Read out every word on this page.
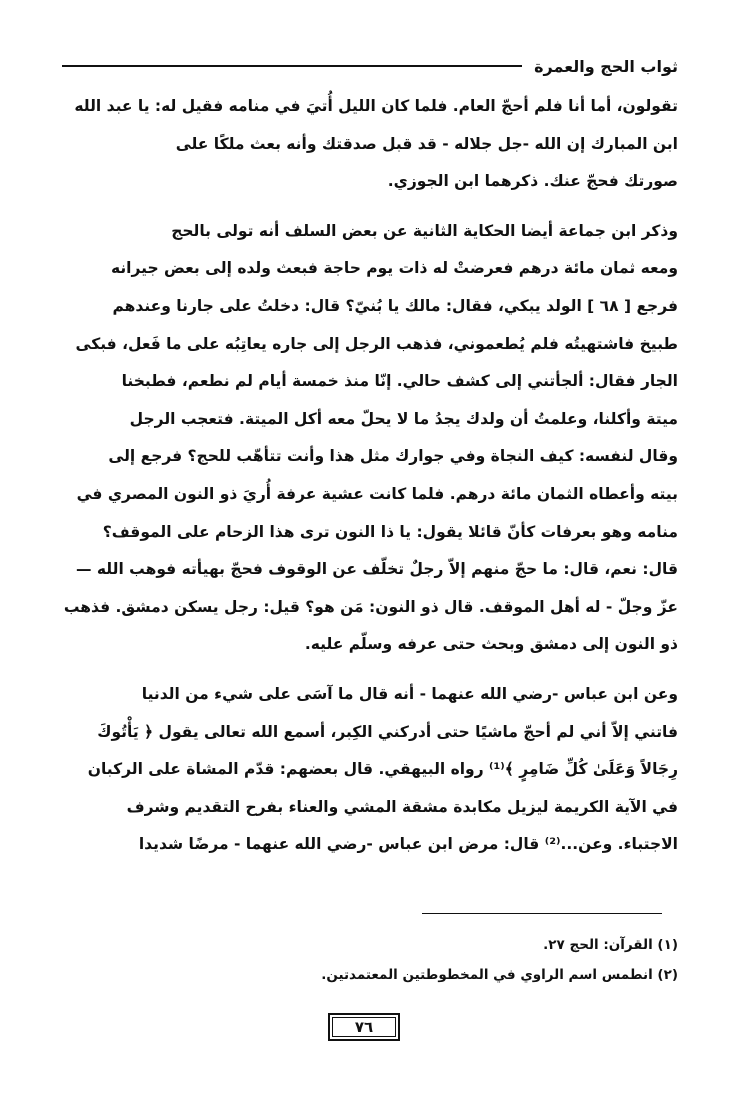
ثواب الحج والعمرة

تقولون، أما أنا فلم أحجّ العام. فلما كان الليل أُتيَ في منامه فقيل له: يا عبد الله

ابن المبارك إن الله -جل جلاله - قد قبل صدقتك وأنه بعث ملكًا على

صورتك فحجّ عنك. ذكرهما ابن الجوزي.

وذكر ابن جماعة أيضا الحكاية الثانية عن بعض السلف أنه تولى بالحج

ومعه ثمان مائة درهم فعرضتْ له ذات يوم حاجة فبعث ولده إلى بعض جيرانه

فرجع [ ٦٨ ] الولد يبكي، فقال: مالك يا بُنيّ؟ قال: دخلتُ على جارنا وعندهم

طبيخ فاشتهيتُه فلم يُطعموني، فذهب الرجل إلى جاره يعاتِبُه على ما فَعل، فبكى

الجار فقال: ألجأتني إلى كشف حالي. إنّا منذ خمسة أيام لم نطعم، فطبخنا

ميتة وأكلنا، وعلمتُ أن ولدك يجدُ ما لا يحلّ معه أكل الميتة. فتعجب الرجل

وقال لنفسه: كيف النجاة وفي جوارك مثل هذا وأنت تتأهّب للحج؟ فرجع إلى

بيته وأعطاه الثمان مائة درهم. فلما كانت عشية عرفة أُريَ ذو النون المصري في

منامه وهو بعرفات كأنّ قائلا يقول: يا ذا النون ترى هذا الزحام على الموقف؟

قال: نعم، قال: ما حجّ منهم إلاّ رجلٌ تخلّف عن الوقوف فحجّ بهيأته فوهب الله —

عزّ وجلّ - له أهل الموقف. قال ذو النون: مَن هو؟ قيل: رجل يسكن دمشق. فذهب

ذو النون إلى دمشق وبحث حتى عرفه وسلّم عليه.

وعن ابن عباس -رضي الله عنهما - أنه قال ما آسَى على شيء من الدنيا

فاتني إلاّ أني لم أحجّ ماشيًا حتى أدركني الكِبر، أسمع الله تعالى يقول ﴿ يَأْتُوكَ

رِجَالاً وَعَلَىٰ كُلِّ ضَامِرٍ ﴾⁽¹⁾ رواه البيهقي. قال بعضهم: قدّم المشاة على الركبان

في الآية الكريمة ليزيل مكابدة مشقة المشي والعناء بفرح التقديم وشرف

الاجتباء. وعن...⁽²⁾ قال: مرض ابن عباس -رضي الله عنهما - مرضًا شديدا

(١) القرآن: الحج ٢٧.
(٢) انطمس اسم الراوي في المخطوطتين المعتمدتين.
٧٦
